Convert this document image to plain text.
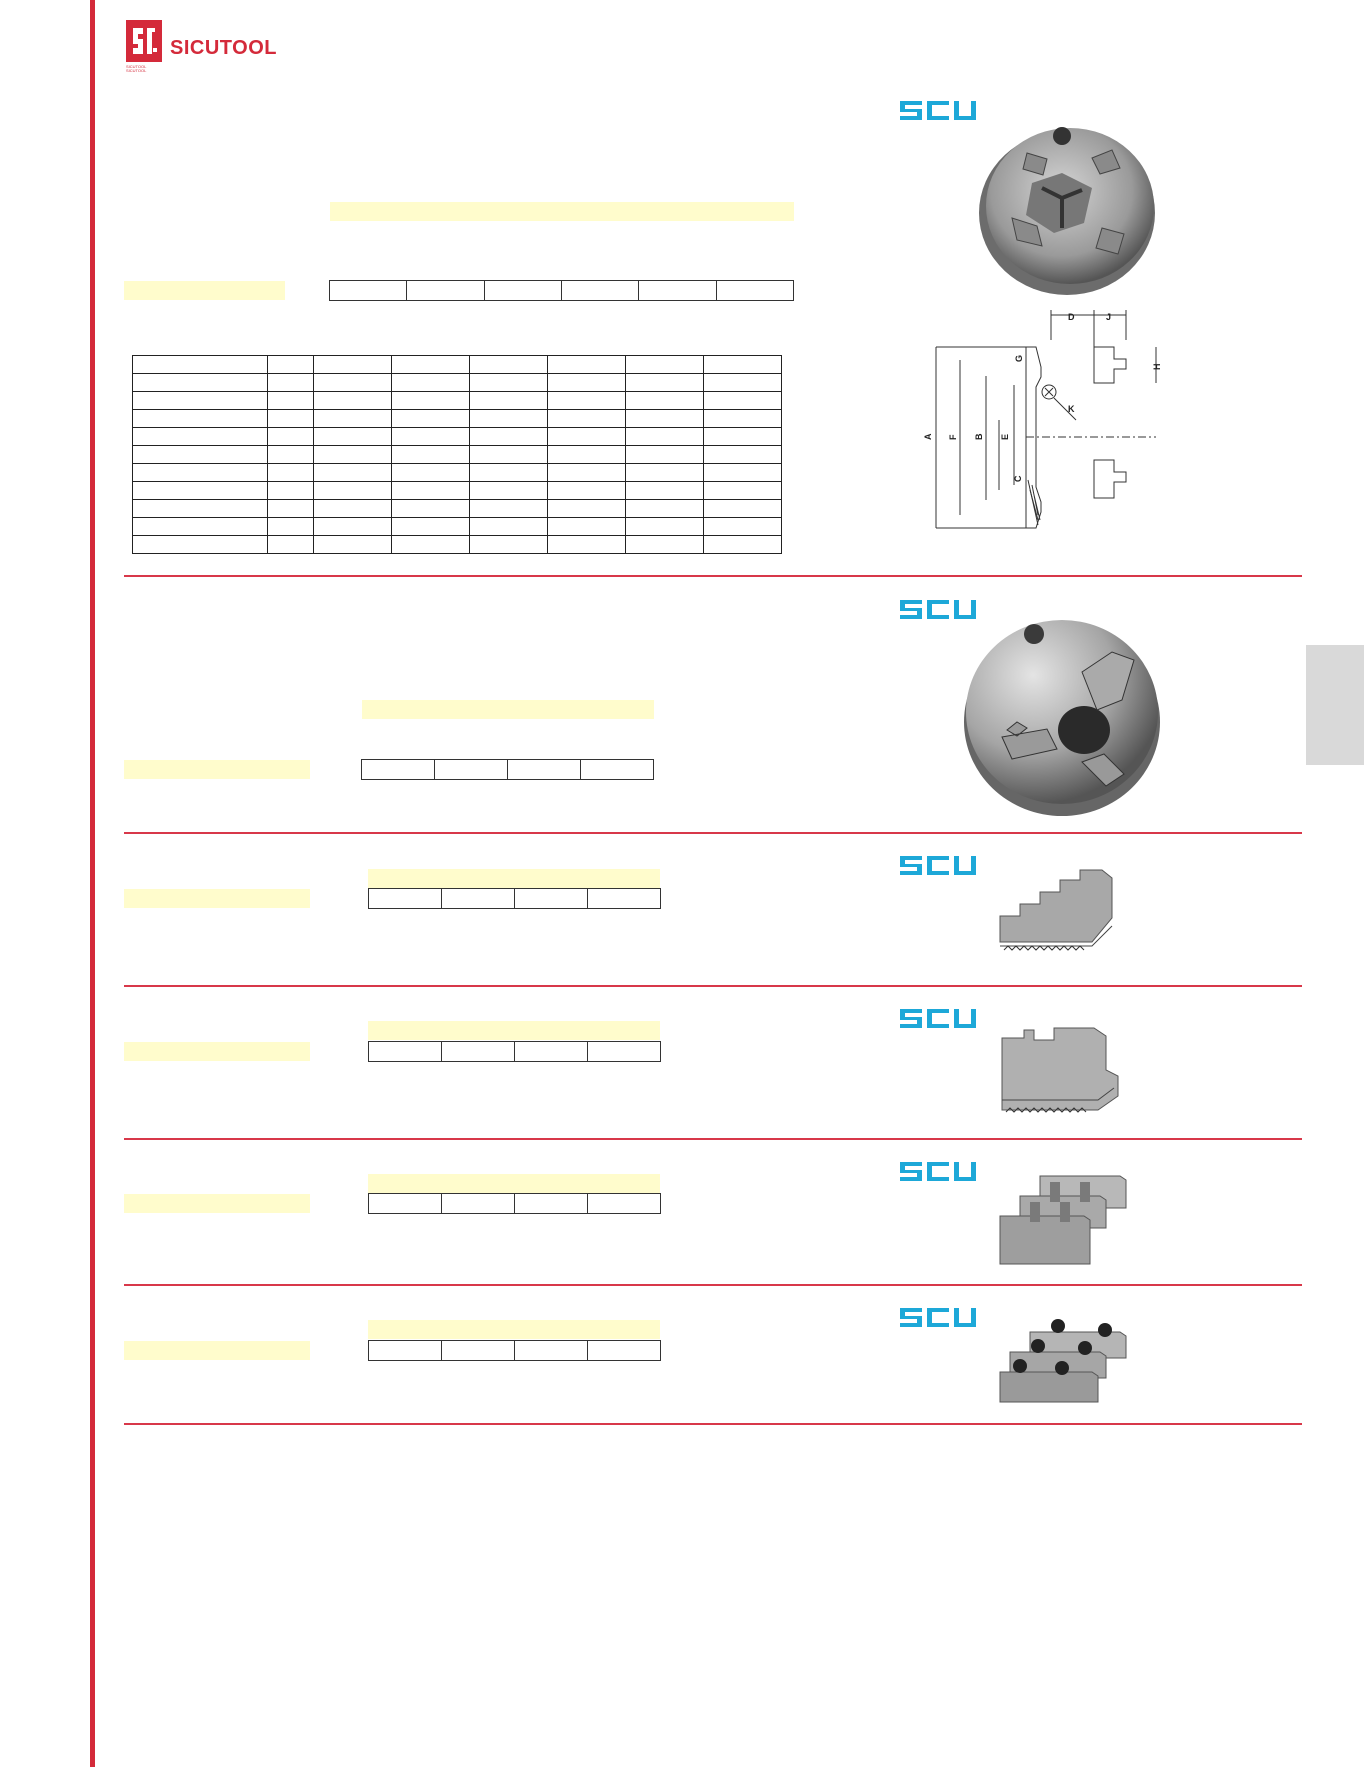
SICUTOOL
SICUTOOL SICUTOOL

A F B E
C
G
D	J
H
K
